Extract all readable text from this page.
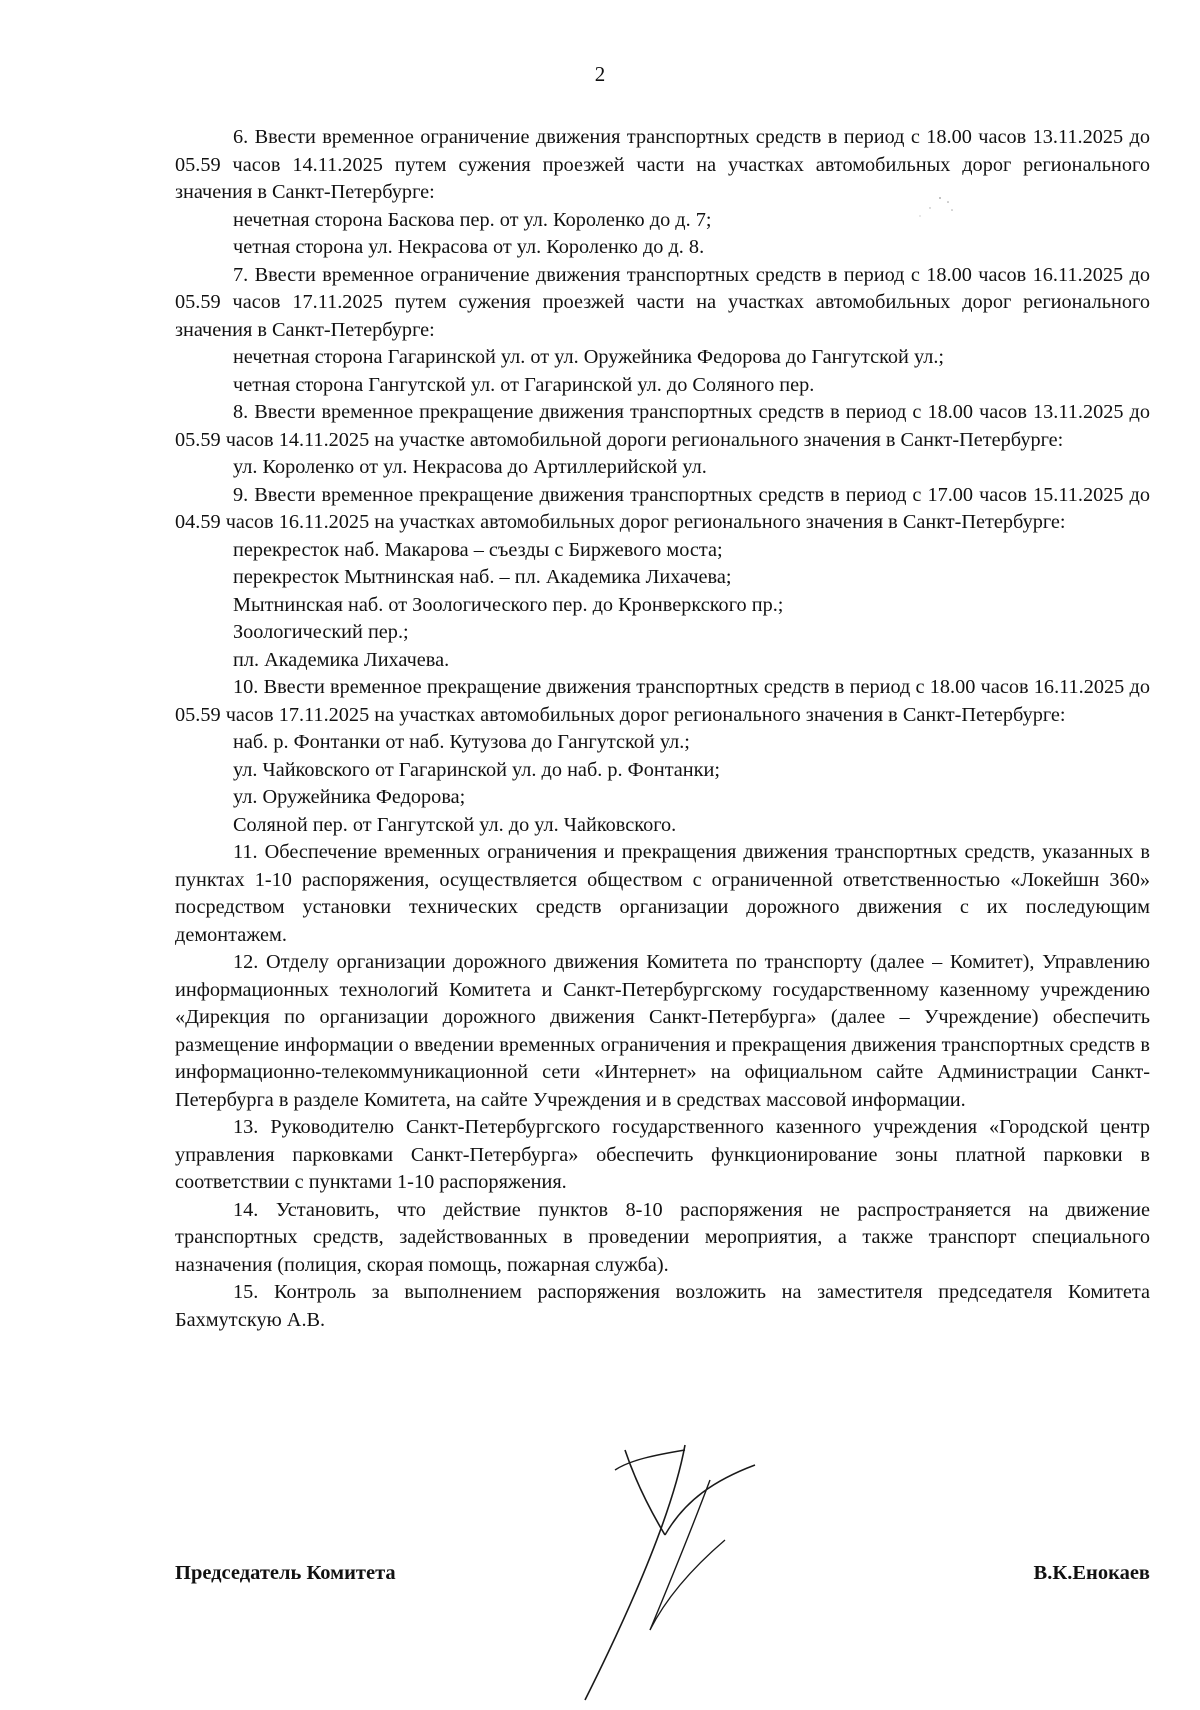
2

6. Ввести временное ограничение движения транспортных средств в период с 18.00 часов 13.11.2025 до 05.59 часов 14.11.2025 путем сужения проезжей части на участках автомобильных дорог регионального значения в Санкт-Петербурге:

нечетная сторона Баскова пер. от ул. Короленко до д. 7;

четная сторона ул. Некрасова от ул. Короленко до д. 8.

7. Ввести временное ограничение движения транспортных средств в период с 18.00 часов 16.11.2025 до 05.59 часов 17.11.2025 путем сужения проезжей части на участках автомобильных дорог регионального значения в Санкт-Петербурге:

нечетная сторона Гагаринской ул. от ул. Оружейника Федорова до Гангутской ул.;

четная сторона Гангутской ул. от Гагаринской ул. до Соляного пер.

8. Ввести временное прекращение движения транспортных средств в период с 18.00 часов 13.11.2025 до 05.59 часов 14.11.2025 на участке автомобильной дороги регионального значения в Санкт-Петербурге:

ул. Короленко от ул. Некрасова до Артиллерийской ул.

9. Ввести временное прекращение движения транспортных средств в период с 17.00 часов 15.11.2025 до 04.59 часов 16.11.2025 на участках автомобильных дорог регионального значения в Санкт-Петербурге:

перекресток наб. Макарова – съезды с Биржевого моста;

перекресток Мытнинская наб. – пл. Академика Лихачева;

Мытнинская наб. от Зоологического пер. до Кронверкского пр.;

Зоологический пер.;

пл. Академика Лихачева.

10. Ввести временное прекращение движения транспортных средств в период с 18.00 часов 16.11.2025 до 05.59 часов 17.11.2025 на участках автомобильных дорог регионального значения в Санкт-Петербурге:

наб. р. Фонтанки от наб. Кутузова до Гангутской ул.;

ул. Чайковского от Гагаринской ул. до наб. р. Фонтанки;

ул. Оружейника Федорова;

Соляной пер. от Гангутской ул. до ул. Чайковского.

11. Обеспечение временных ограничения и прекращения движения транспортных средств, указанных в пунктах 1-10 распоряжения, осуществляется обществом с ограниченной ответственностью «Локейшн 360» посредством установки технических средств организации дорожного движения с их последующим демонтажем.

12. Отделу организации дорожного движения Комитета по транспорту (далее – Комитет), Управлению информационных технологий Комитета и Санкт-Петербургскому государственному казенному учреждению «Дирекция по организации дорожного движения Санкт-Петербурга» (далее – Учреждение) обеспечить размещение информации о введении временных ограничения и прекращения движения транспортных средств в информационно-телекоммуникационной сети «Интернет» на официальном сайте Администрации Санкт-Петербурга в разделе Комитета, на сайте Учреждения и в средствах массовой информации.

13. Руководителю Санкт-Петербургского государственного казенного учреждения «Городской центр управления парковками Санкт-Петербурга» обеспечить функционирование зоны платной парковки в соответствии с пунктами 1-10 распоряжения.

14. Установить, что действие пунктов 8-10 распоряжения не распространяется на движение транспортных средств, задействованных в проведении мероприятия, а также транспорт специального назначения (полиция, скорая помощь, пожарная служба).

15. Контроль за выполнением распоряжения возложить на заместителя председателя Комитета Бахмутскую А.В.

Председатель Комитета	В.К.Енокаев
